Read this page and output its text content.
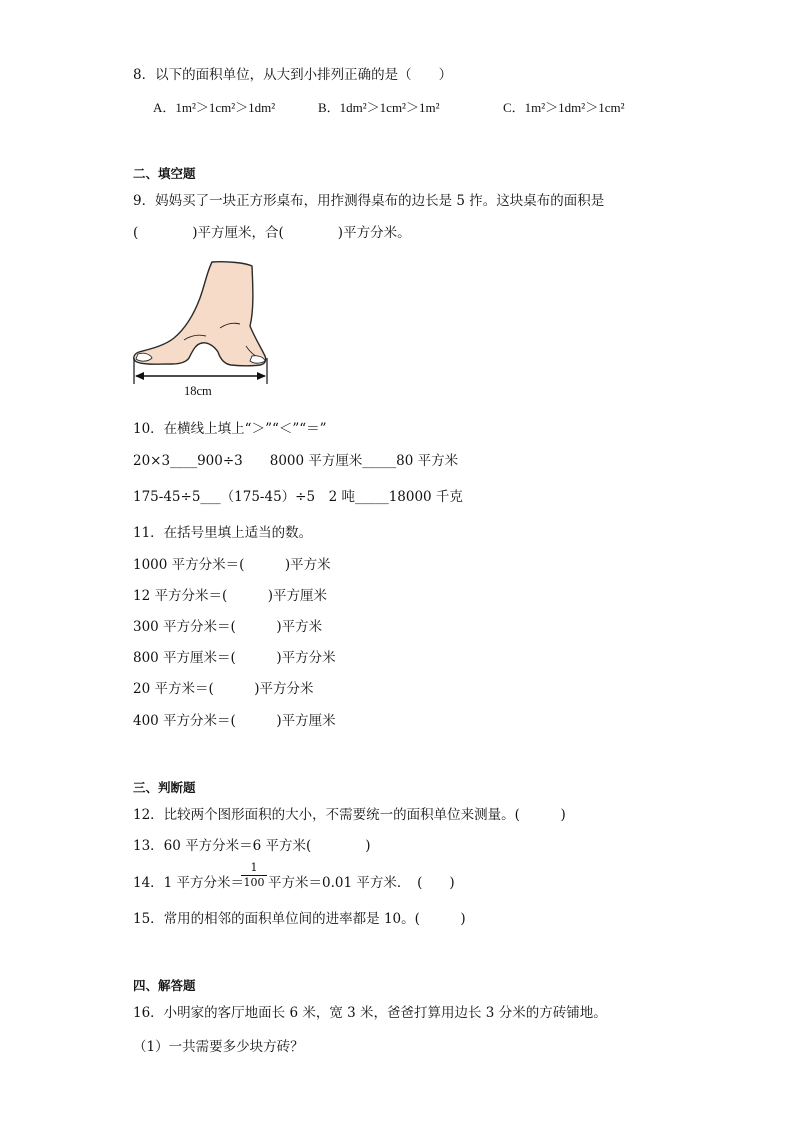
8．以下的面积单位，从大到小排列正确的是（　　）
A．1m²＞1cm²＞1dm²	B．1dm²＞1cm²＞1m²	C．1m²＞1dm²＞1cm²
二、填空题
9．妈妈买了一块正方形桌布，用拃测得桌布的边长是 5 拃。这块桌布的面积是
(　　　　)平方厘米，合(　　　　)平方分米。
18cm
10．在横线上填上“＞”“＜”“＝”
20×3____900÷3　　8000 平方厘米_____80 平方米
175-45÷5___（175-45）÷5　2 吨_____18000 千克
11．在括号里填上适当的数。
1000 平方分米＝(　　　)平方米
12 平方分米＝(　　　)平方厘米
300 平方分米＝(　　　)平方米
800 平方厘米＝(　　　)平方分米
20 平方米＝(　　　)平方分米
400 平方分米＝(　　　)平方厘米
三、判断题
12．比较两个图形面积的大小，不需要统一的面积单位来测量。(　　　)
13．60 平方分米＝6 平方米(　　　　)
14．1 平方分米＝
1
100 平方米＝0.01 平方米．　(　　)
15．常用的相邻的面积单位间的进率都是 10。(　　　)
四、解答题
16．小明家的客厅地面长 6 米，宽 3 米，爸爸打算用边长 3 分米的方砖铺地。
（1）一共需要多少块方砖？
